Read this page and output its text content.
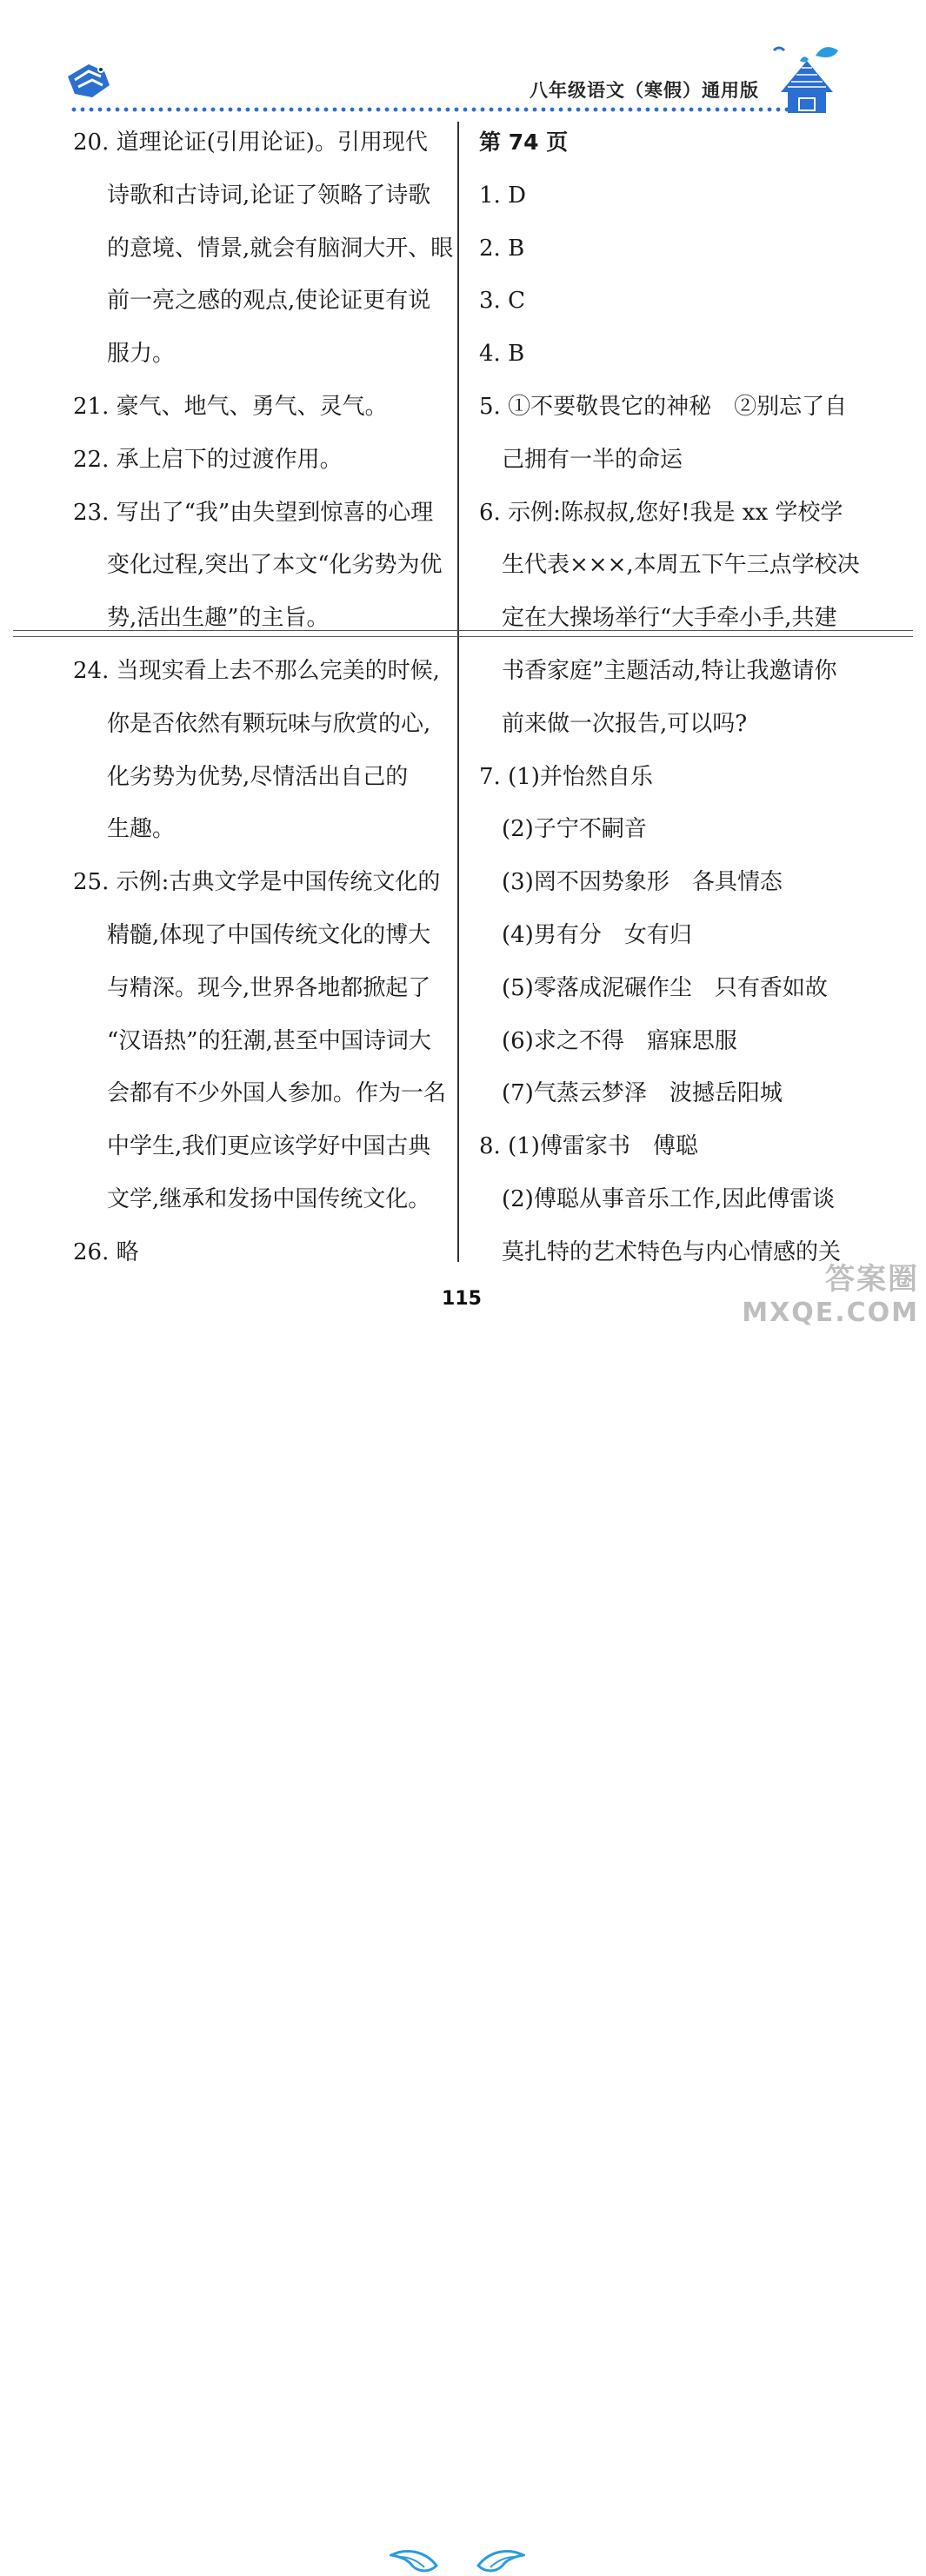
八年级语文（寒假）通用版
20. 道理论证(引用论证)。引用现代
诗歌和古诗词,论证了领略了诗歌
的意境、情景,就会有脑洞大开、眼
前一亮之感的观点,使论证更有说
服力。
21. 豪气、地气、勇气、灵气。
22. 承上启下的过渡作用。
23. 写出了“我”由失望到惊喜的心理
变化过程,突出了本文“化劣势为优
势,活出生趣”的主旨。
24. 当现实看上去不那么完美的时候,
你是否依然有颗玩味与欣赏的心,
化劣势为优势,尽情活出自己的
生趣。
25. 示例:古典文学是中国传统文化的
精髓,体现了中国传统文化的博大
与精深。现今,世界各地都掀起了
“汉语热”的狂潮,甚至中国诗词大
会都有不少外国人参加。作为一名
中学生,我们更应该学好中国古典
文学,继承和发扬中国传统文化。
26. 略
第 74 页
1. D
2. B
3. C
4. B
5. ①不要敬畏它的神秘　②别忘了自
己拥有一半的命运
6. 示例:陈叔叔,您好!我是 xx 学校学
生代表×××,本周五下午三点学校决
定在大操场举行“大手牵小手,共建
书香家庭”主题活动,特让我邀请你
前来做一次报告,可以吗?
7. (1)并怡然自乐
(2)子宁不嗣音
(3)罔不因势象形　各具情态
(4)男有分　女有归
(5)零落成泥碾作尘　只有香如故
(6)求之不得　寤寐思服
(7)气蒸云梦泽　波撼岳阳城
8. (1)傅雷家书　傅聪
(2)傅聪从事音乐工作,因此傅雷谈
莫扎特的艺术特色与内心情感的关
115
答案圈
MXQE.COM
